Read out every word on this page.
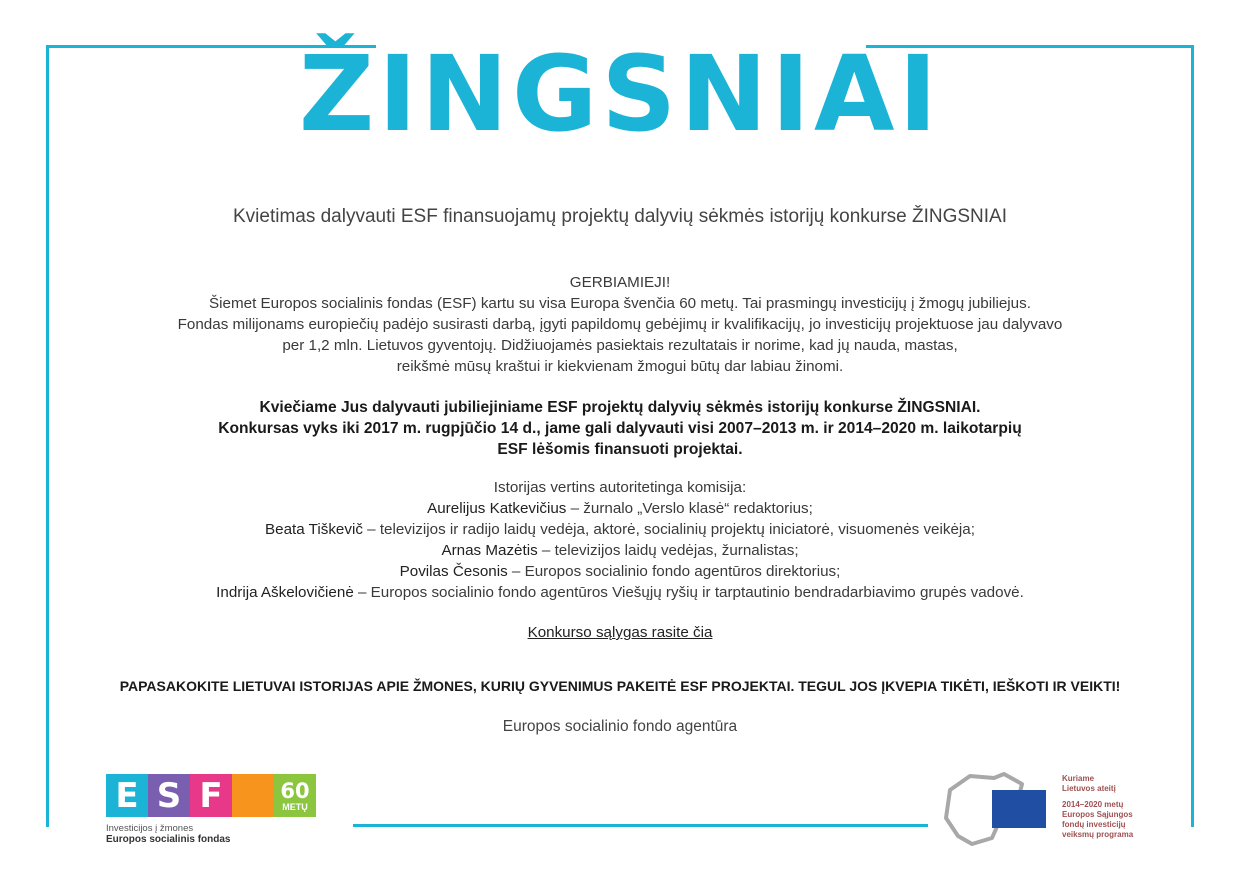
ŽINGSNIAI
Kvietimas dalyvauti ESF finansuojamų projektų dalyvių sėkmės istorijų konkurse ŽINGSNIAI

GERBIAMIEJI!

Šiemet Europos socialinis fondas (ESF) kartu su visa Europa švenčia 60 metų. Tai prasmingų investicijų į žmogų jubiliejus.

Fondas milijonams europiečių padėjo susirasti darbą, įgyti papildomų gebėjimų ir kvalifikacijų, jo investicijų projektuose jau dalyvavo

per 1,2 mln. Lietuvos gyventojų. Didžiuojamės pasiektais rezultatais ir norime, kad jų nauda, mastas,

reikšmė mūsų kraštui ir kiekvienam žmogui būtų dar labiau žinomi.

Kviečiame Jus dalyvauti jubiliejiniame ESF projektų dalyvių sėkmės istorijų konkurse ŽINGSNIAI.

Konkursas vyks iki 2017 m. rugpjūčio 14 d., jame gali dalyvauti visi 2007–2013 m. ir 2014–2020 m. laikotarpių

ESF lėšomis finansuoti projektai.

Istorijas vertins autoritetinga komisija:

Aurelijus Katkevičius – žurnalo „Verslo klasė“ redaktorius;

Beata Tiškevič – televizijos ir radijo laidų vedėja, aktorė, socialinių projektų iniciatorė, visuomenės veikėja;

Arnas Mazėtis – televizijos laidų vedėjas, žurnalistas;

Povilas Česonis – Europos socialinio fondo agentūros direktorius;

Indrija Aškelovičienė – Europos socialinio fondo agentūros Viešųjų ryšių ir tarptautinio bendradarbiavimo grupės vadovė.

Konkurso sąlygas rasite čia
PAPASAKOKITE LIETUVAI ISTORIJAS APIE ŽMONES, KURIŲ GYVENIMUS PAKEITĖ ESF PROJEKTAI. TEGUL JOS ĮKVEPIA TIKĖTI, IEŠKOTI IR VEIKTI!
Europos socialinio fondo agentūra
E S F
Investicijos į žmones
Europos socialinis fondas
60
METŲ

Kuriame

Lietuvos ateitį

2014–2020 metų

Europos Sąjungos

fondų investicijų

veiksmų programa
